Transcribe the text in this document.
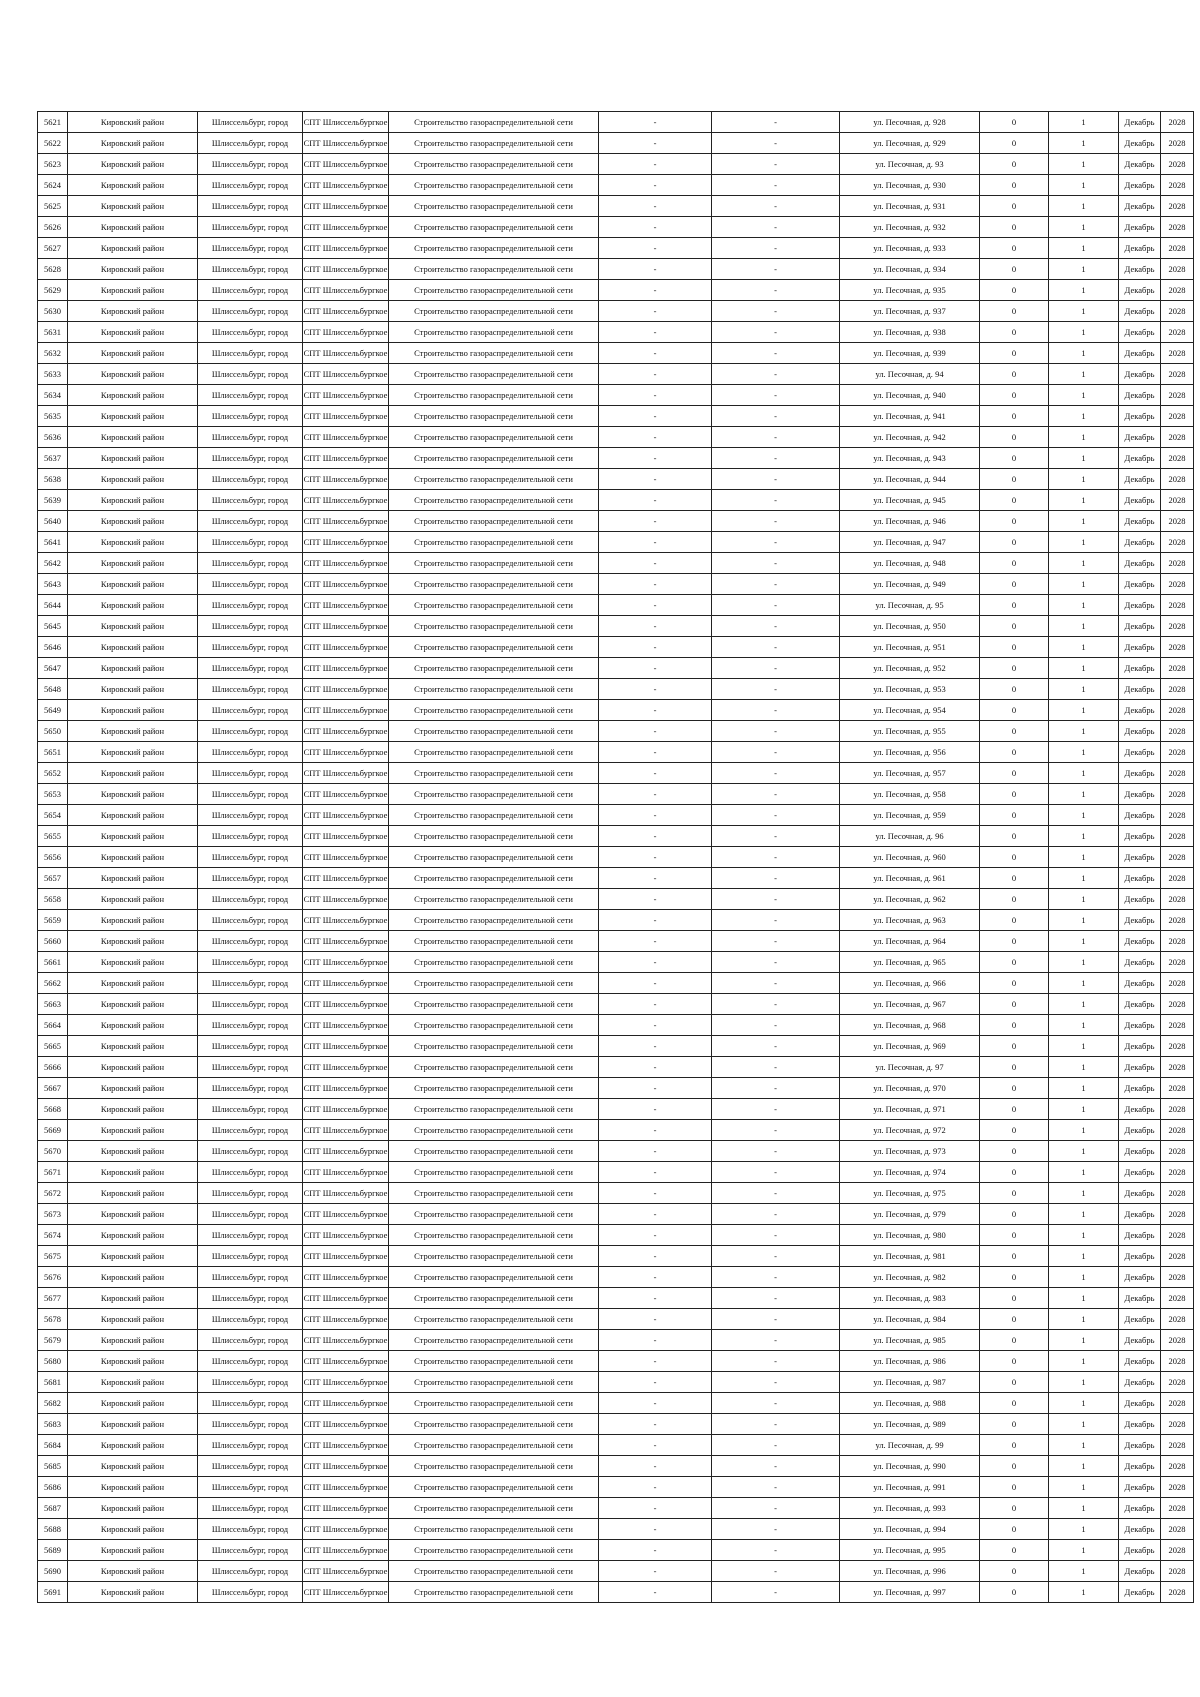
5621	Кировский район	Шлиссельбург, город	СПТ Шлиссельбургкое	Строительство газораспределительной сети	-	-	ул. Песочная, д. 928	0	1	Декабрь	2028
5622	Кировский район	Шлиссельбург, город	СПТ Шлиссельбургкое	Строительство газораспределительной сети	-	-	ул. Песочная, д. 929	0	1	Декабрь	2028
5623	Кировский район	Шлиссельбург, город	СПТ Шлиссельбургкое	Строительство газораспределительной сети	-	-	ул. Песочная, д. 93	0	1	Декабрь	2028
5624	Кировский район	Шлиссельбург, город	СПТ Шлиссельбургкое	Строительство газораспределительной сети	-	-	ул. Песочная, д. 930	0	1	Декабрь	2028
5625	Кировский район	Шлиссельбург, город	СПТ Шлиссельбургкое	Строительство газораспределительной сети	-	-	ул. Песочная, д. 931	0	1	Декабрь	2028
5626	Кировский район	Шлиссельбург, город	СПТ Шлиссельбургкое	Строительство газораспределительной сети	-	-	ул. Песочная, д. 932	0	1	Декабрь	2028
5627	Кировский район	Шлиссельбург, город	СПТ Шлиссельбургкое	Строительство газораспределительной сети	-	-	ул. Песочная, д. 933	0	1	Декабрь	2028
5628	Кировский район	Шлиссельбург, город	СПТ Шлиссельбургкое	Строительство газораспределительной сети	-	-	ул. Песочная, д. 934	0	1	Декабрь	2028
5629	Кировский район	Шлиссельбург, город	СПТ Шлиссельбургкое	Строительство газораспределительной сети	-	-	ул. Песочная, д. 935	0	1	Декабрь	2028
5630	Кировский район	Шлиссельбург, город	СПТ Шлиссельбургкое	Строительство газораспределительной сети	-	-	ул. Песочная, д. 937	0	1	Декабрь	2028
5631	Кировский район	Шлиссельбург, город	СПТ Шлиссельбургкое	Строительство газораспределительной сети	-	-	ул. Песочная, д. 938	0	1	Декабрь	2028
5632	Кировский район	Шлиссельбург, город	СПТ Шлиссельбургкое	Строительство газораспределительной сети	-	-	ул. Песочная, д. 939	0	1	Декабрь	2028
5633	Кировский район	Шлиссельбург, город	СПТ Шлиссельбургкое	Строительство газораспределительной сети	-	-	ул. Песочная, д. 94	0	1	Декабрь	2028
5634	Кировский район	Шлиссельбург, город	СПТ Шлиссельбургкое	Строительство газораспределительной сети	-	-	ул. Песочная, д. 940	0	1	Декабрь	2028
5635	Кировский район	Шлиссельбург, город	СПТ Шлиссельбургкое	Строительство газораспределительной сети	-	-	ул. Песочная, д. 941	0	1	Декабрь	2028
5636	Кировский район	Шлиссельбург, город	СПТ Шлиссельбургкое	Строительство газораспределительной сети	-	-	ул. Песочная, д. 942	0	1	Декабрь	2028
5637	Кировский район	Шлиссельбург, город	СПТ Шлиссельбургкое	Строительство газораспределительной сети	-	-	ул. Песочная, д. 943	0	1	Декабрь	2028
5638	Кировский район	Шлиссельбург, город	СПТ Шлиссельбургкое	Строительство газораспределительной сети	-	-	ул. Песочная, д. 944	0	1	Декабрь	2028
5639	Кировский район	Шлиссельбург, город	СПТ Шлиссельбургкое	Строительство газораспределительной сети	-	-	ул. Песочная, д. 945	0	1	Декабрь	2028
5640	Кировский район	Шлиссельбург, город	СПТ Шлиссельбургкое	Строительство газораспределительной сети	-	-	ул. Песочная, д. 946	0	1	Декабрь	2028
5641	Кировский район	Шлиссельбург, город	СПТ Шлиссельбургкое	Строительство газораспределительной сети	-	-	ул. Песочная, д. 947	0	1	Декабрь	2028
5642	Кировский район	Шлиссельбург, город	СПТ Шлиссельбургкое	Строительство газораспределительной сети	-	-	ул. Песочная, д. 948	0	1	Декабрь	2028
5643	Кировский район	Шлиссельбург, город	СПТ Шлиссельбургкое	Строительство газораспределительной сети	-	-	ул. Песочная, д. 949	0	1	Декабрь	2028
5644	Кировский район	Шлиссельбург, город	СПТ Шлиссельбургкое	Строительство газораспределительной сети	-	-	ул. Песочная, д. 95	0	1	Декабрь	2028
5645	Кировский район	Шлиссельбург, город	СПТ Шлиссельбургкое	Строительство газораспределительной сети	-	-	ул. Песочная, д. 950	0	1	Декабрь	2028
5646	Кировский район	Шлиссельбург, город	СПТ Шлиссельбургкое	Строительство газораспределительной сети	-	-	ул. Песочная, д. 951	0	1	Декабрь	2028
5647	Кировский район	Шлиссельбург, город	СПТ Шлиссельбургкое	Строительство газораспределительной сети	-	-	ул. Песочная, д. 952	0	1	Декабрь	2028
5648	Кировский район	Шлиссельбург, город	СПТ Шлиссельбургкое	Строительство газораспределительной сети	-	-	ул. Песочная, д. 953	0	1	Декабрь	2028
5649	Кировский район	Шлиссельбург, город	СПТ Шлиссельбургкое	Строительство газораспределительной сети	-	-	ул. Песочная, д. 954	0	1	Декабрь	2028
5650	Кировский район	Шлиссельбург, город	СПТ Шлиссельбургкое	Строительство газораспределительной сети	-	-	ул. Песочная, д. 955	0	1	Декабрь	2028
5651	Кировский район	Шлиссельбург, город	СПТ Шлиссельбургкое	Строительство газораспределительной сети	-	-	ул. Песочная, д. 956	0	1	Декабрь	2028
5652	Кировский район	Шлиссельбург, город	СПТ Шлиссельбургкое	Строительство газораспределительной сети	-	-	ул. Песочная, д. 957	0	1	Декабрь	2028
5653	Кировский район	Шлиссельбург, город	СПТ Шлиссельбургкое	Строительство газораспределительной сети	-	-	ул. Песочная, д. 958	0	1	Декабрь	2028
5654	Кировский район	Шлиссельбург, город	СПТ Шлиссельбургкое	Строительство газораспределительной сети	-	-	ул. Песочная, д. 959	0	1	Декабрь	2028
5655	Кировский район	Шлиссельбург, город	СПТ Шлиссельбургкое	Строительство газораспределительной сети	-	-	ул. Песочная, д. 96	0	1	Декабрь	2028
5656	Кировский район	Шлиссельбург, город	СПТ Шлиссельбургкое	Строительство газораспределительной сети	-	-	ул. Песочная, д. 960	0	1	Декабрь	2028
5657	Кировский район	Шлиссельбург, город	СПТ Шлиссельбургкое	Строительство газораспределительной сети	-	-	ул. Песочная, д. 961	0	1	Декабрь	2028
5658	Кировский район	Шлиссельбург, город	СПТ Шлиссельбургкое	Строительство газораспределительной сети	-	-	ул. Песочная, д. 962	0	1	Декабрь	2028
5659	Кировский район	Шлиссельбург, город	СПТ Шлиссельбургкое	Строительство газораспределительной сети	-	-	ул. Песочная, д. 963	0	1	Декабрь	2028
5660	Кировский район	Шлиссельбург, город	СПТ Шлиссельбургкое	Строительство газораспределительной сети	-	-	ул. Песочная, д. 964	0	1	Декабрь	2028
5661	Кировский район	Шлиссельбург, город	СПТ Шлиссельбургкое	Строительство газораспределительной сети	-	-	ул. Песочная, д. 965	0	1	Декабрь	2028
5662	Кировский район	Шлиссельбург, город	СПТ Шлиссельбургкое	Строительство газораспределительной сети	-	-	ул. Песочная, д. 966	0	1	Декабрь	2028
5663	Кировский район	Шлиссельбург, город	СПТ Шлиссельбургкое	Строительство газораспределительной сети	-	-	ул. Песочная, д. 967	0	1	Декабрь	2028
5664	Кировский район	Шлиссельбург, город	СПТ Шлиссельбургкое	Строительство газораспределительной сети	-	-	ул. Песочная, д. 968	0	1	Декабрь	2028
5665	Кировский район	Шлиссельбург, город	СПТ Шлиссельбургкое	Строительство газораспределительной сети	-	-	ул. Песочная, д. 969	0	1	Декабрь	2028
5666	Кировский район	Шлиссельбург, город	СПТ Шлиссельбургкое	Строительство газораспределительной сети	-	-	ул. Песочная, д. 97	0	1	Декабрь	2028
5667	Кировский район	Шлиссельбург, город	СПТ Шлиссельбургкое	Строительство газораспределительной сети	-	-	ул. Песочная, д. 970	0	1	Декабрь	2028
5668	Кировский район	Шлиссельбург, город	СПТ Шлиссельбургкое	Строительство газораспределительной сети	-	-	ул. Песочная, д. 971	0	1	Декабрь	2028
5669	Кировский район	Шлиссельбург, город	СПТ Шлиссельбургкое	Строительство газораспределительной сети	-	-	ул. Песочная, д. 972	0	1	Декабрь	2028
5670	Кировский район	Шлиссельбург, город	СПТ Шлиссельбургкое	Строительство газораспределительной сети	-	-	ул. Песочная, д. 973	0	1	Декабрь	2028
5671	Кировский район	Шлиссельбург, город	СПТ Шлиссельбургкое	Строительство газораспределительной сети	-	-	ул. Песочная, д. 974	0	1	Декабрь	2028
5672	Кировский район	Шлиссельбург, город	СПТ Шлиссельбургкое	Строительство газораспределительной сети	-	-	ул. Песочная, д. 975	0	1	Декабрь	2028
5673	Кировский район	Шлиссельбург, город	СПТ Шлиссельбургкое	Строительство газораспределительной сети	-	-	ул. Песочная, д. 979	0	1	Декабрь	2028
5674	Кировский район	Шлиссельбург, город	СПТ Шлиссельбургкое	Строительство газораспределительной сети	-	-	ул. Песочная, д. 980	0	1	Декабрь	2028
5675	Кировский район	Шлиссельбург, город	СПТ Шлиссельбургкое	Строительство газораспределительной сети	-	-	ул. Песочная, д. 981	0	1	Декабрь	2028
5676	Кировский район	Шлиссельбург, город	СПТ Шлиссельбургкое	Строительство газораспределительной сети	-	-	ул. Песочная, д. 982	0	1	Декабрь	2028
5677	Кировский район	Шлиссельбург, город	СПТ Шлиссельбургкое	Строительство газораспределительной сети	-	-	ул. Песочная, д. 983	0	1	Декабрь	2028
5678	Кировский район	Шлиссельбург, город	СПТ Шлиссельбургкое	Строительство газораспределительной сети	-	-	ул. Песочная, д. 984	0	1	Декабрь	2028
5679	Кировский район	Шлиссельбург, город	СПТ Шлиссельбургкое	Строительство газораспределительной сети	-	-	ул. Песочная, д. 985	0	1	Декабрь	2028
5680	Кировский район	Шлиссельбург, город	СПТ Шлиссельбургкое	Строительство газораспределительной сети	-	-	ул. Песочная, д. 986	0	1	Декабрь	2028
5681	Кировский район	Шлиссельбург, город	СПТ Шлиссельбургкое	Строительство газораспределительной сети	-	-	ул. Песочная, д. 987	0	1	Декабрь	2028
5682	Кировский район	Шлиссельбург, город	СПТ Шлиссельбургкое	Строительство газораспределительной сети	-	-	ул. Песочная, д. 988	0	1	Декабрь	2028
5683	Кировский район	Шлиссельбург, город	СПТ Шлиссельбургкое	Строительство газораспределительной сети	-	-	ул. Песочная, д. 989	0	1	Декабрь	2028
5684	Кировский район	Шлиссельбург, город	СПТ Шлиссельбургкое	Строительство газораспределительной сети	-	-	ул. Песочная, д. 99	0	1	Декабрь	2028
5685	Кировский район	Шлиссельбург, город	СПТ Шлиссельбургкое	Строительство газораспределительной сети	-	-	ул. Песочная, д. 990	0	1	Декабрь	2028
5686	Кировский район	Шлиссельбург, город	СПТ Шлиссельбургкое	Строительство газораспределительной сети	-	-	ул. Песочная, д. 991	0	1	Декабрь	2028
5687	Кировский район	Шлиссельбург, город	СПТ Шлиссельбургкое	Строительство газораспределительной сети	-	-	ул. Песочная, д. 993	0	1	Декабрь	2028
5688	Кировский район	Шлиссельбург, город	СПТ Шлиссельбургкое	Строительство газораспределительной сети	-	-	ул. Песочная, д. 994	0	1	Декабрь	2028
5689	Кировский район	Шлиссельбург, город	СПТ Шлиссельбургкое	Строительство газораспределительной сети	-	-	ул. Песочная, д. 995	0	1	Декабрь	2028
5690	Кировский район	Шлиссельбург, город	СПТ Шлиссельбургкое	Строительство газораспределительной сети	-	-	ул. Песочная, д. 996	0	1	Декабрь	2028
5691	Кировский район	Шлиссельбург, город	СПТ Шлиссельбургкое	Строительство газораспределительной сети	-	-	ул. Песочная, д. 997	0	1	Декабрь	2028
